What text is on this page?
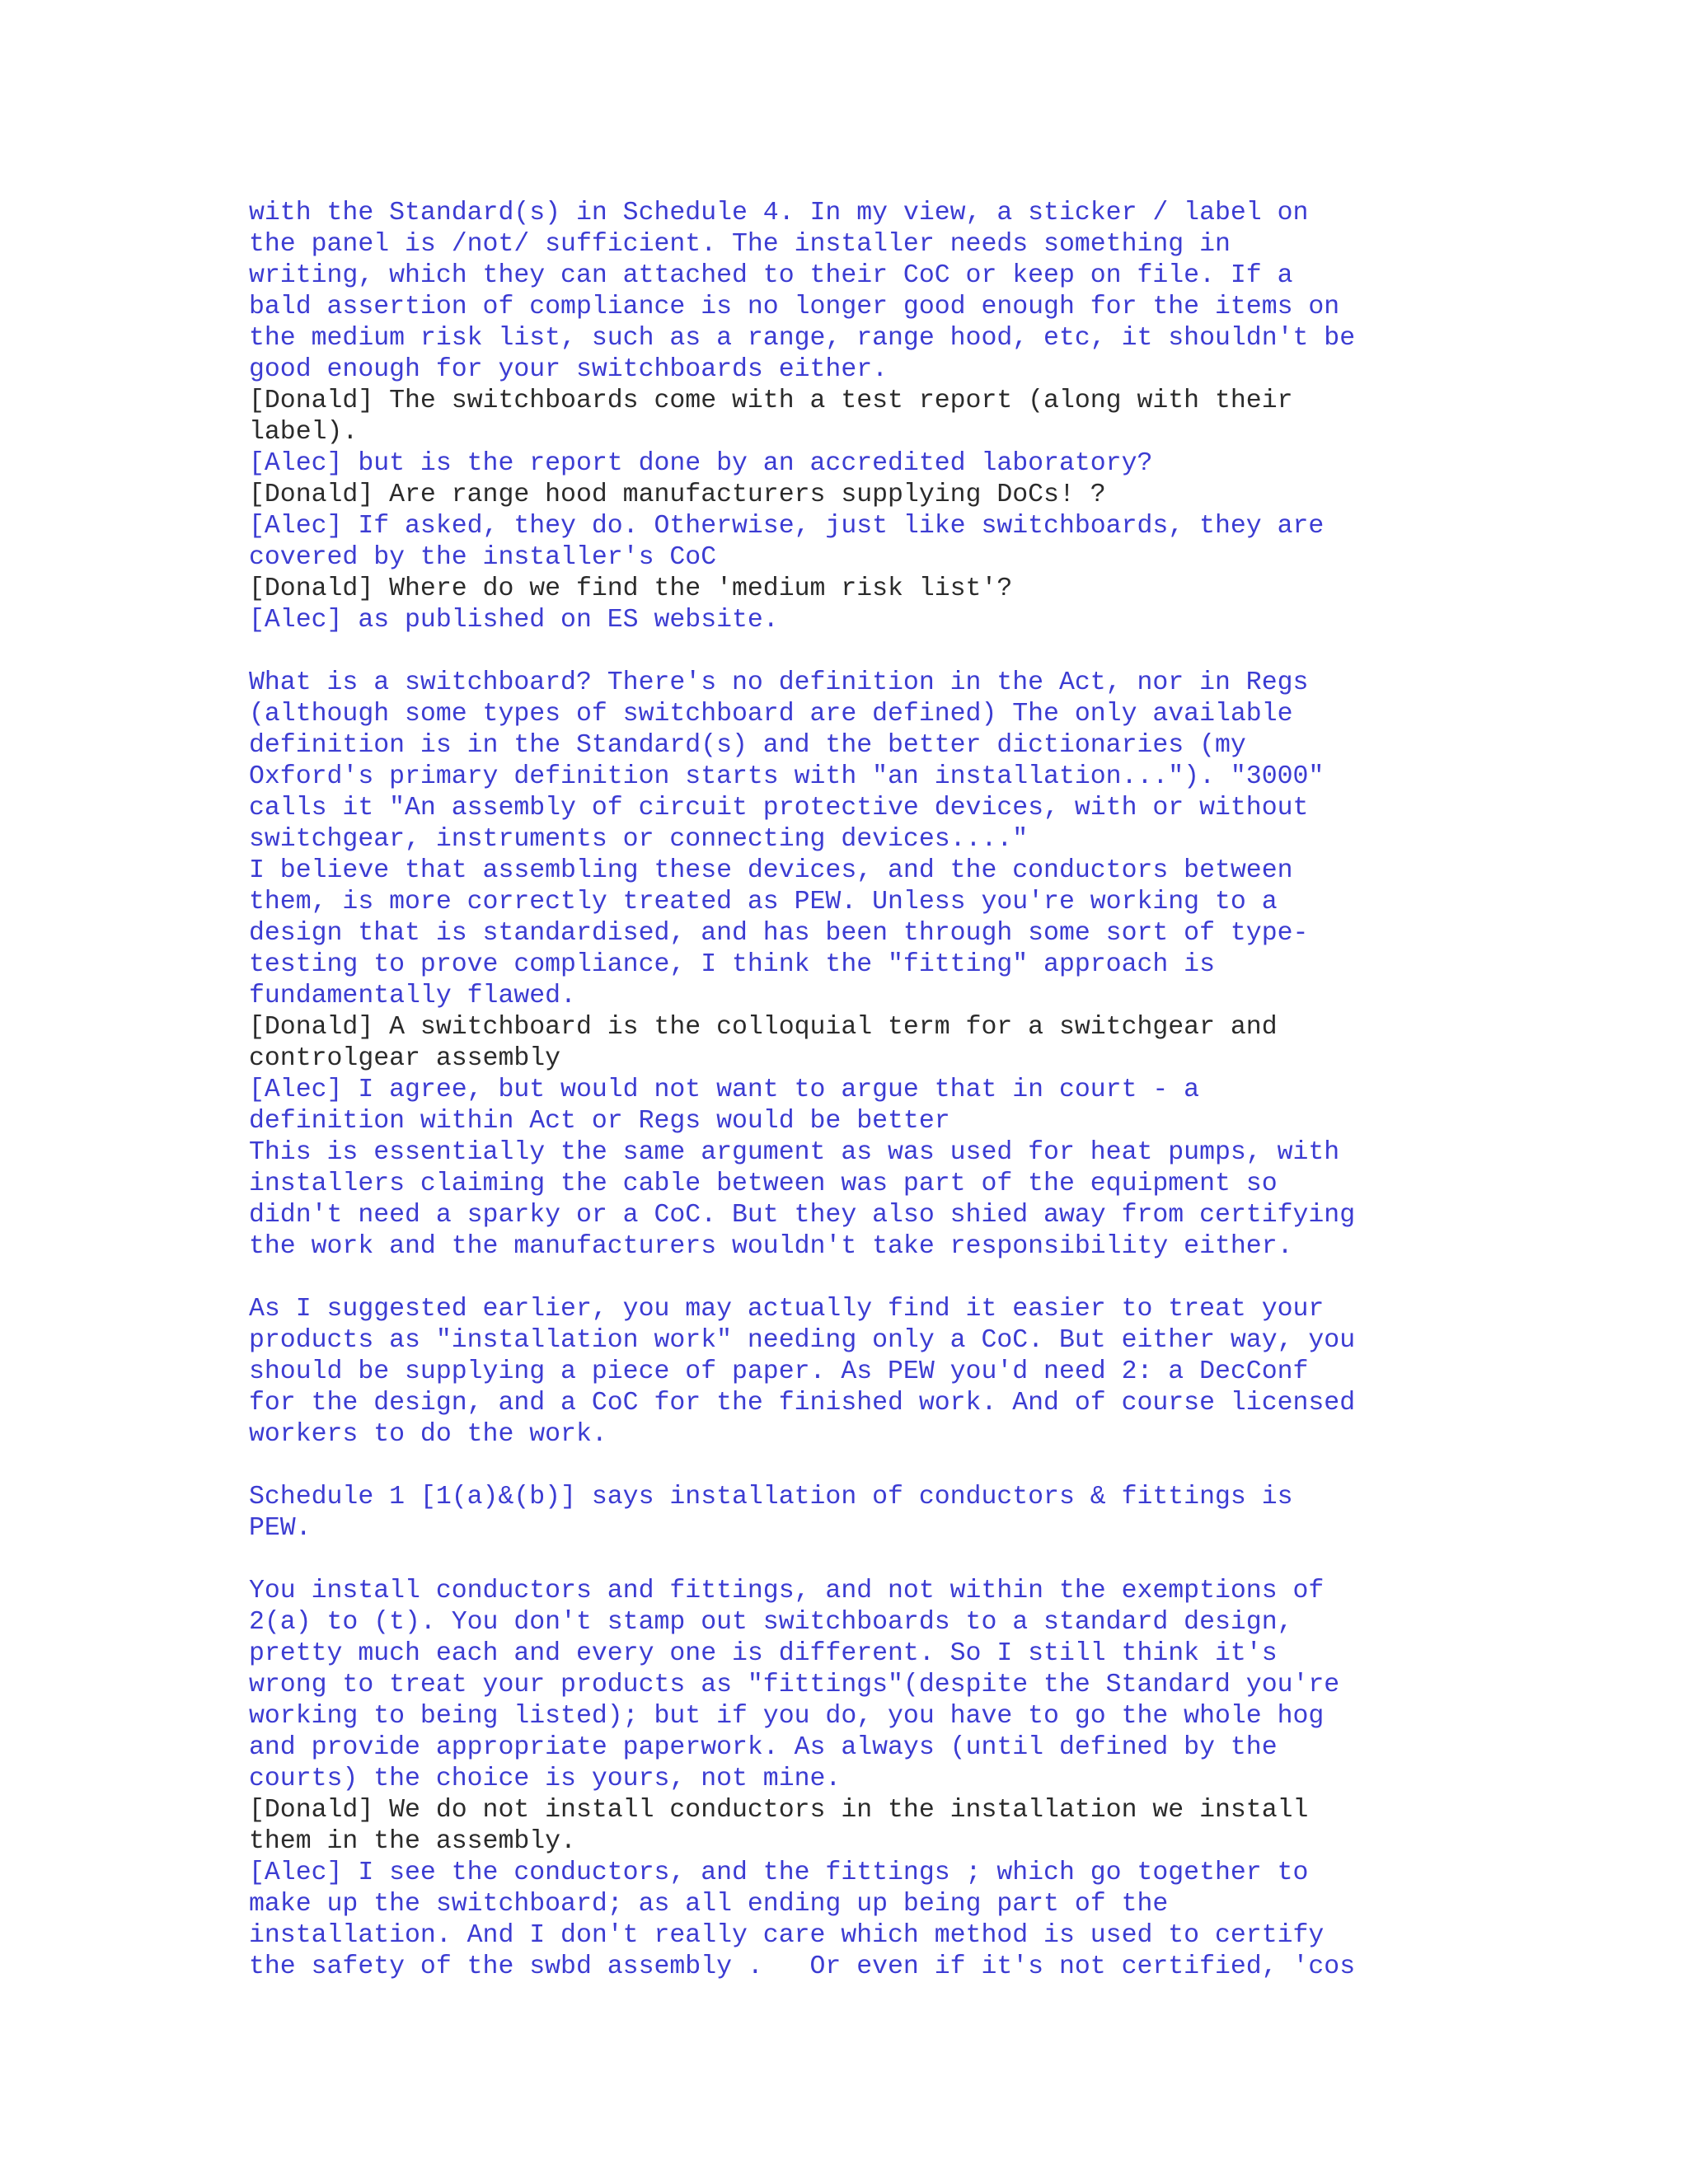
with the Standard(s) in Schedule 4. In my view, a sticker / label on
the panel is /not/ sufficient. The installer needs something in
writing, which they can attached to their CoC or keep on file. If a
bald assertion of compliance is no longer good enough for the items on
the medium risk list, such as a range, range hood, etc, it shouldn't be
good enough for your switchboards either.
[Donald] The switchboards come with a test report (along with their
label).
[Alec] but is the report done by an accredited laboratory?
[Donald] Are range hood manufacturers supplying DoCs! ?
[Alec] If asked, they do. Otherwise, just like switchboards, they are
covered by the installer's CoC
[Donald] Where do we find the 'medium risk list'?
[Alec] as published on ES website.
What is a switchboard? There's no definition in the Act, nor in Regs
(although some types of switchboard are defined) The only available
definition is in the Standard(s) and the better dictionaries (my
Oxford's primary definition starts with "an installation..."). "3000"
calls it "An assembly of circuit protective devices, with or without
switchgear, instruments or connecting devices...."
I believe that assembling these devices, and the conductors between
them, is more correctly treated as PEW. Unless you're working to a
design that is standardised, and has been through some sort of type-
testing to prove compliance, I think the "fitting" approach is
fundamentally flawed.
[Donald] A switchboard is the colloquial term for a switchgear and
controlgear assembly
[Alec] I agree, but would not want to argue that in court - a
definition within Act or Regs would be better
This is essentially the same argument as was used for heat pumps, with
installers claiming the cable between was part of the equipment so
didn't need a sparky or a CoC. But they also shied away from certifying
the work and the manufacturers wouldn't take responsibility either.
As I suggested earlier, you may actually find it easier to treat your
products as "installation work" needing only a CoC. But either way, you
should be supplying a piece of paper. As PEW you'd need 2: a DecConf
for the design, and a CoC for the finished work. And of course licensed
workers to do the work.
Schedule 1 [1(a)&(b)] says installation of conductors & fittings is
PEW.
You install conductors and fittings, and not within the exemptions of
2(a) to (t). You don't stamp out switchboards to a standard design,
pretty much each and every one is different. So I still think it's
wrong to treat your products as "fittings"(despite the Standard you're
working to being listed); but if you do, you have to go the whole hog
and provide appropriate paperwork. As always (until defined by the
courts) the choice is yours, not mine.
[Donald] We do not install conductors in the installation we install
them in the assembly.
[Alec] I see the conductors, and the fittings ; which go together to
make up the switchboard; as all ending up being part of the
installation. And I don't really care which method is used to certify
the safety of the swbd assembly .   Or even if it's not certified, 'cos
